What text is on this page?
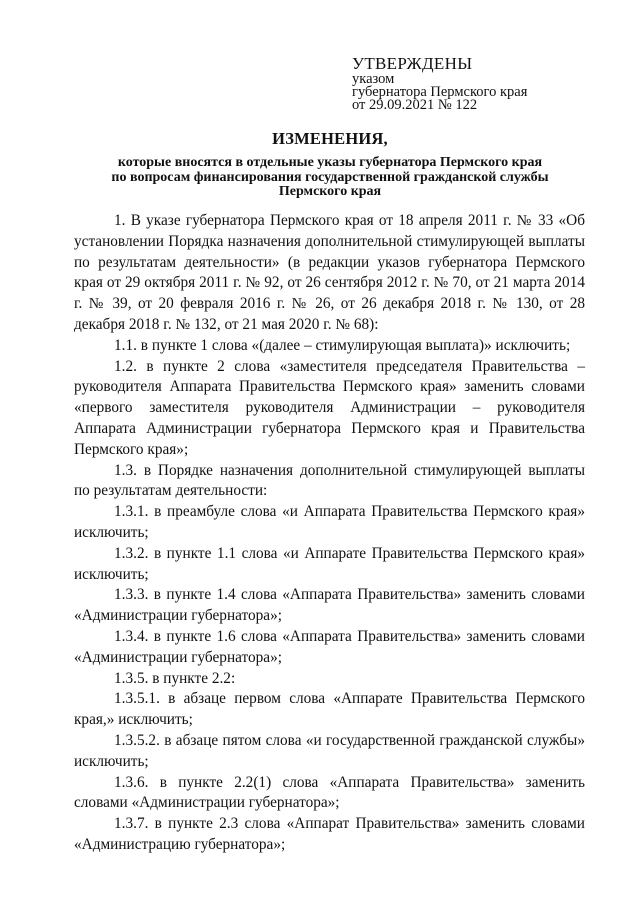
УТВЕРЖДЕНЫ
указом
губернатора Пермского края
от 29.09.2021 № 122
ИЗМЕНЕНИЯ,
которые вносятся в отдельные указы губернатора Пермского края
по вопросам финансирования государственной гражданской службы
Пермского края

1. В указе губернатора Пермского края от 18 апреля 2011 г. № 33 «Об установлении Порядка назначения дополнительной стимулирующей выплаты по результатам деятельности» (в редакции указов губернатора Пермского края от 29 октября 2011 г. № 92, от 26 сентября 2012 г. № 70, от 21 марта 2014 г. № 39, от 20 февраля 2016 г. № 26, от 26 декабря 2018 г. № 130, от 28 декабря 2018 г. № 132, от 21 мая 2020 г. № 68):

1.1. в пункте 1 слова «(далее – стимулирующая выплата)» исключить;

1.2. в пункте 2 слова «заместителя председателя Правительства – руководителя Аппарата Правительства Пермского края» заменить словами «первого заместителя руководителя Администрации – руководителя Аппарата Администрации губернатора Пермского края и Правительства Пермского края»;

1.3. в Порядке назначения дополнительной стимулирующей выплаты по результатам деятельности:

1.3.1. в преамбуле слова «и Аппарата Правительства Пермского края» исключить;

1.3.2. в пункте 1.1 слова «и Аппарате Правительства Пермского края» исключить;

1.3.3. в пункте 1.4 слова «Аппарата Правительства» заменить словами «Администрации губернатора»;

1.3.4. в пункте 1.6 слова «Аппарата Правительства» заменить словами «Администрации губернатора»;

1.3.5. в пункте 2.2:

1.3.5.1. в абзаце первом слова «Аппарате Правительства Пермского края,» исключить;

1.3.5.2. в абзаце пятом слова «и государственной гражданской службы» исключить;

1.3.6. в пункте 2.2(1) слова «Аппарата Правительства» заменить словами «Администрации губернатора»;

1.3.7. в пункте 2.3 слова «Аппарат Правительства» заменить словами «Администрацию губернатора»;
